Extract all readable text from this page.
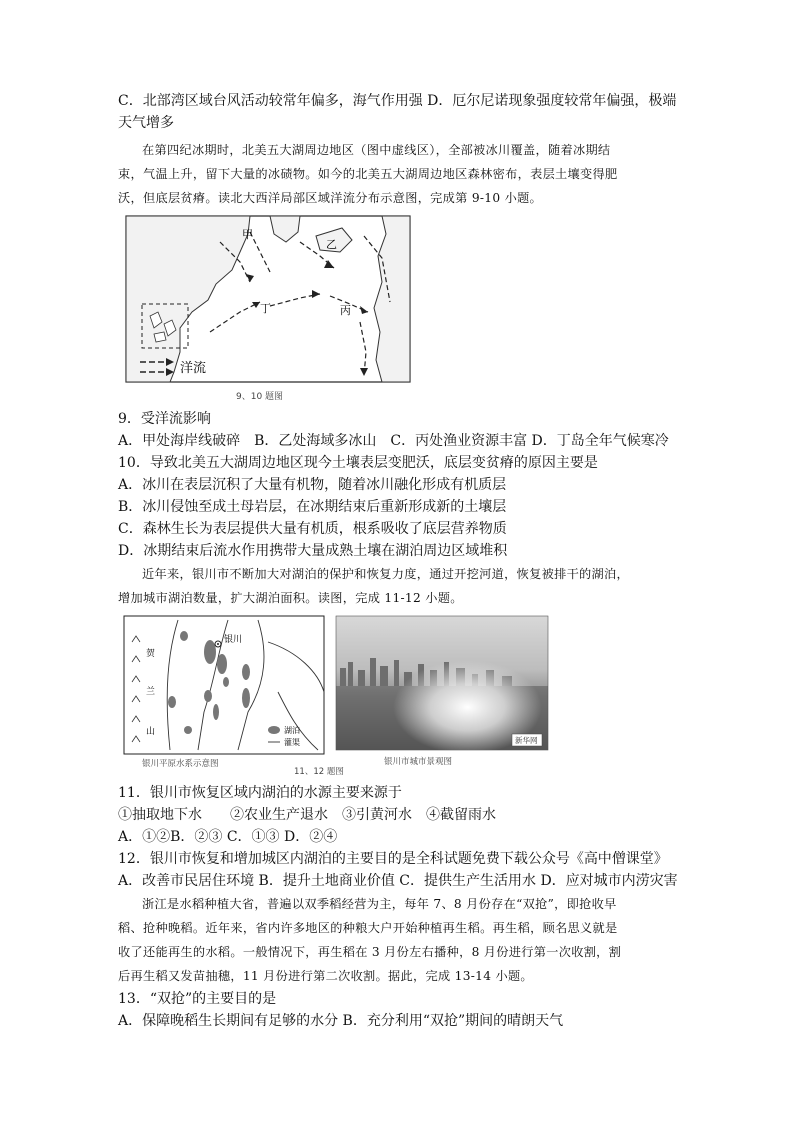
C．北部湾区域台风活动较常年偏多，海气作用强 D．厄尔尼诺现象强度较常年偏强，极端
天气增多
在第四纪冰期时，北美五大湖周边地区（图中虚线区），全部被冰川覆盖，随着冰期结
束，气温上升，留下大量的冰碛物。如今的北美五大湖周边地区森林密布，表层土壤变得肥
沃，但底层贫瘠。读北大西洋局部区域洋流分布示意图，完成第 9-10 小题。
甲
乙
丙
丁
洋流
9、10 题图
9．受洋流影响
A．甲处海岸线破碎　B．乙处海域多冰山　C．丙处渔业资源丰富 D．丁岛全年气候寒冷
10．导致北美五大湖周边地区现今土壤表层变肥沃，底层变贫瘠的原因主要是
A．冰川在表层沉积了大量有机物，随着冰川融化形成有机质层
B．冰川侵蚀至成土母岩层，在冰期结束后重新形成新的土壤层
C．森林生长为表层提供大量有机质，根系吸收了底层营养物质
D．冰期结束后流水作用携带大量成熟土壤在湖泊周边区域堆积
近年来，银川市不断加大对湖泊的保护和恢复力度，通过开挖河道，恢复被排干的湖泊，
增加城市湖泊数量，扩大湖泊面积。读图，完成 11-12 小题。
贺
兰
山
银川
湖泊
灌渠
银川平原水系示意图
11、12 题图
新华网
银川市城市景观图
11．银川市恢复区域内湖泊的水源主要来源于
①抽取地下水　　②农业生产退水　③引黄河水　④截留雨水
A．①②B．②③ C．①③ D．②④
12．银川市恢复和增加城区内湖泊的主要目的是全科试题免费下载公众号《高中僧课堂》
A．改善市民居住环境 B．提升土地商业价值 C．提供生产生活用水 D．应对城市内涝灾害
浙江是水稻种植大省，普遍以双季稻经营为主，每年 7、8 月份存在“双抢”，即抢收早
稻、抢种晚稻。近年来，省内许多地区的种粮大户开始种植再生稻。再生稻，顾名思义就是
收了还能再生的水稻。一般情况下，再生稻在 3 月份左右播种，8 月份进行第一次收割，割
后再生稻又发苗抽穗，11 月份进行第二次收割。据此，完成 13-14 小题。
13．“双抢”的主要目的是
A．保障晚稻生长期间有足够的水分 B．充分利用“双抢”期间的晴朗天气
